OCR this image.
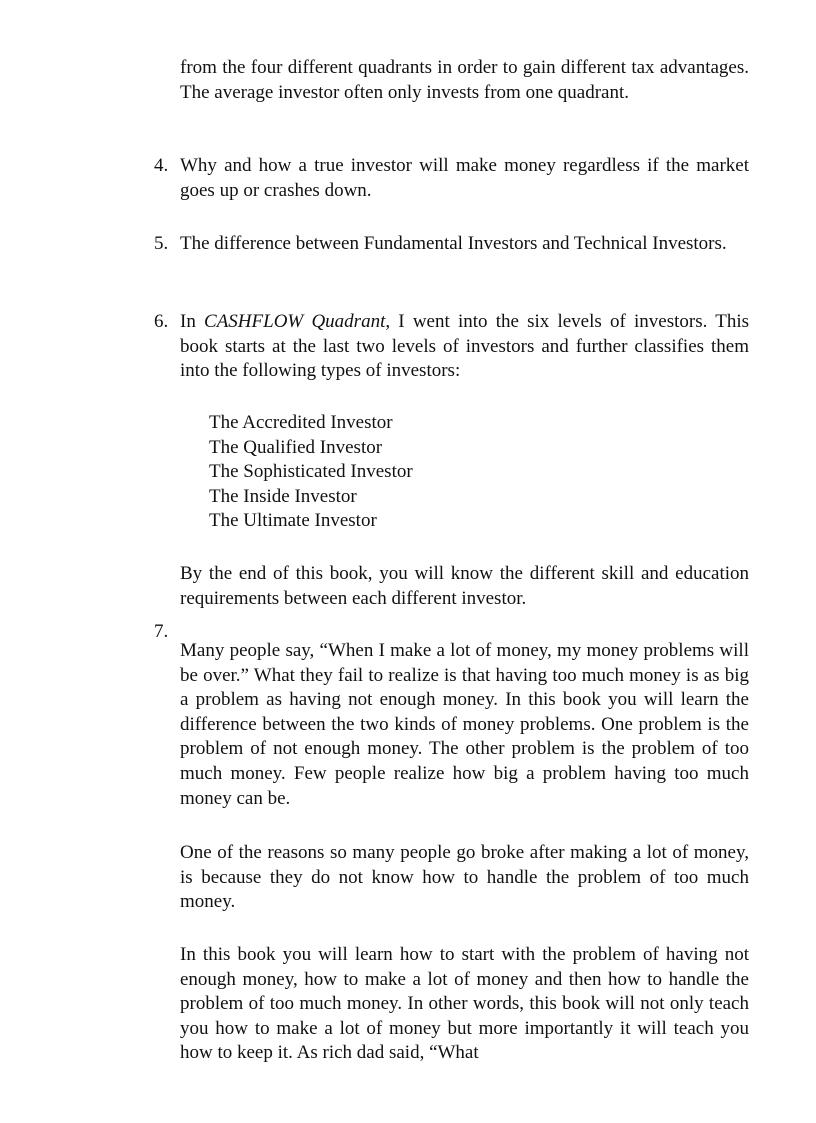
from the four different quadrants in order to gain different tax advantages. The average investor often only invests from one quadrant.
4. Why and how a true investor will make money regardless if the market goes up or crashes down.
5. The difference between Fundamental Investors and Technical Investors.
6. In CASHFLOW Quadrant, I went into the six levels of investors. This book starts at the last two levels of investors and further classifies them into the following types of investors:
The Accredited Investor
The Qualified Investor
The Sophisticated Investor
The Inside Investor
The Ultimate Investor
By the end of this book, you will know the different skill and education requirements between each different investor.
7.
Many people say, “When I make a lot of money, my money problems will be over.” What they fail to realize is that having too much money is as big a problem as having not enough money. In this book you will learn the difference between the two kinds of money problems. One problem is the problem of not enough money. The other problem is the problem of too much money. Few people realize how big a problem having too much money can be.
One of the reasons so many people go broke after making a lot of money, is because they do not know how to handle the problem of too much money.
In this book you will learn how to start with the problem of having not enough money, how to make a lot of money and then how to handle the problem of too much money. In other words, this book will not only teach you how to make a lot of money but more importantly it will teach you how to keep it. As rich dad said, “What
